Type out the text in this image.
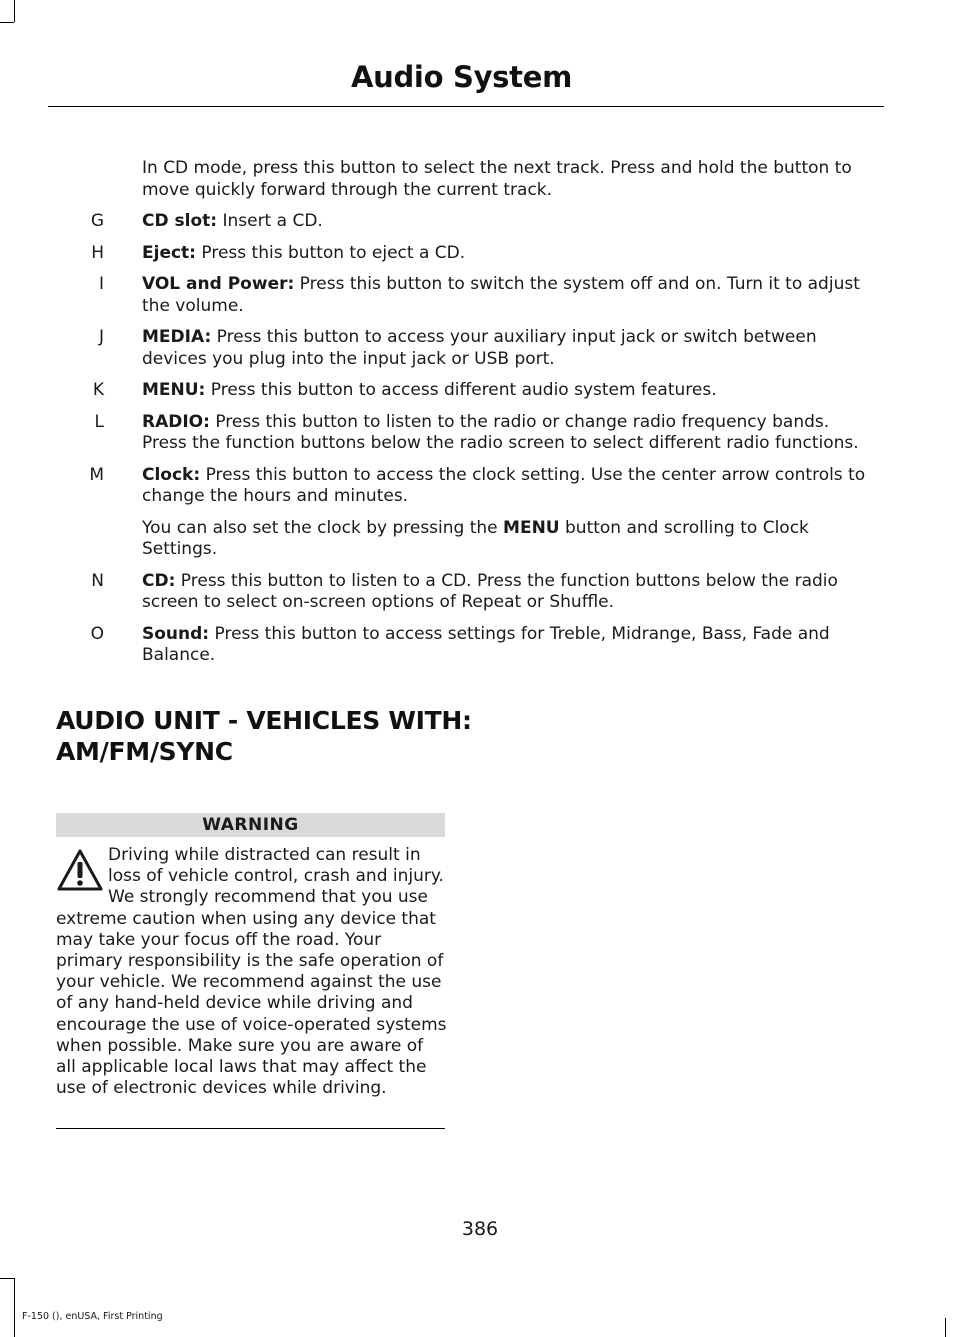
Audio System
In CD mode, press this button to select the next track. Press and hold the button to move quickly forward through the current track.
G CD slot: Insert a CD.
H Eject: Press this button to eject a CD.
I VOL and Power: Press this button to switch the system off and on. Turn it to adjust the volume.
J MEDIA: Press this button to access your auxiliary input jack or switch between devices you plug into the input jack or USB port.
K MENU: Press this button to access different audio system features.
L RADIO: Press this button to listen to the radio or change radio frequency bands. Press the function buttons below the radio screen to select different radio functions.
M Clock: Press this button to access the clock setting. Use the center arrow controls to change the hours and minutes.
You can also set the clock by pressing the MENU button and scrolling to Clock Settings.
N CD: Press this button to listen to a CD. Press the function buttons below the radio screen to select on-screen options of Repeat or Shuffle.
O Sound: Press this button to access settings for Treble, Midrange, Bass, Fade and Balance.
AUDIO UNIT - VEHICLES WITH:
AM/FM/SYNC
WARNING
Driving while distracted can result in loss of vehicle control, crash and injury. We strongly recommend that you use extreme caution when using any device that may take your focus off the road. Your primary responsibility is the safe operation of your vehicle. We recommend against the use of any hand-held device while driving and encourage the use of voice-operated systems when possible. Make sure you are aware of all applicable local laws that may affect the use of electronic devices while driving.
386
F-150 (), enUSA, First Printing
